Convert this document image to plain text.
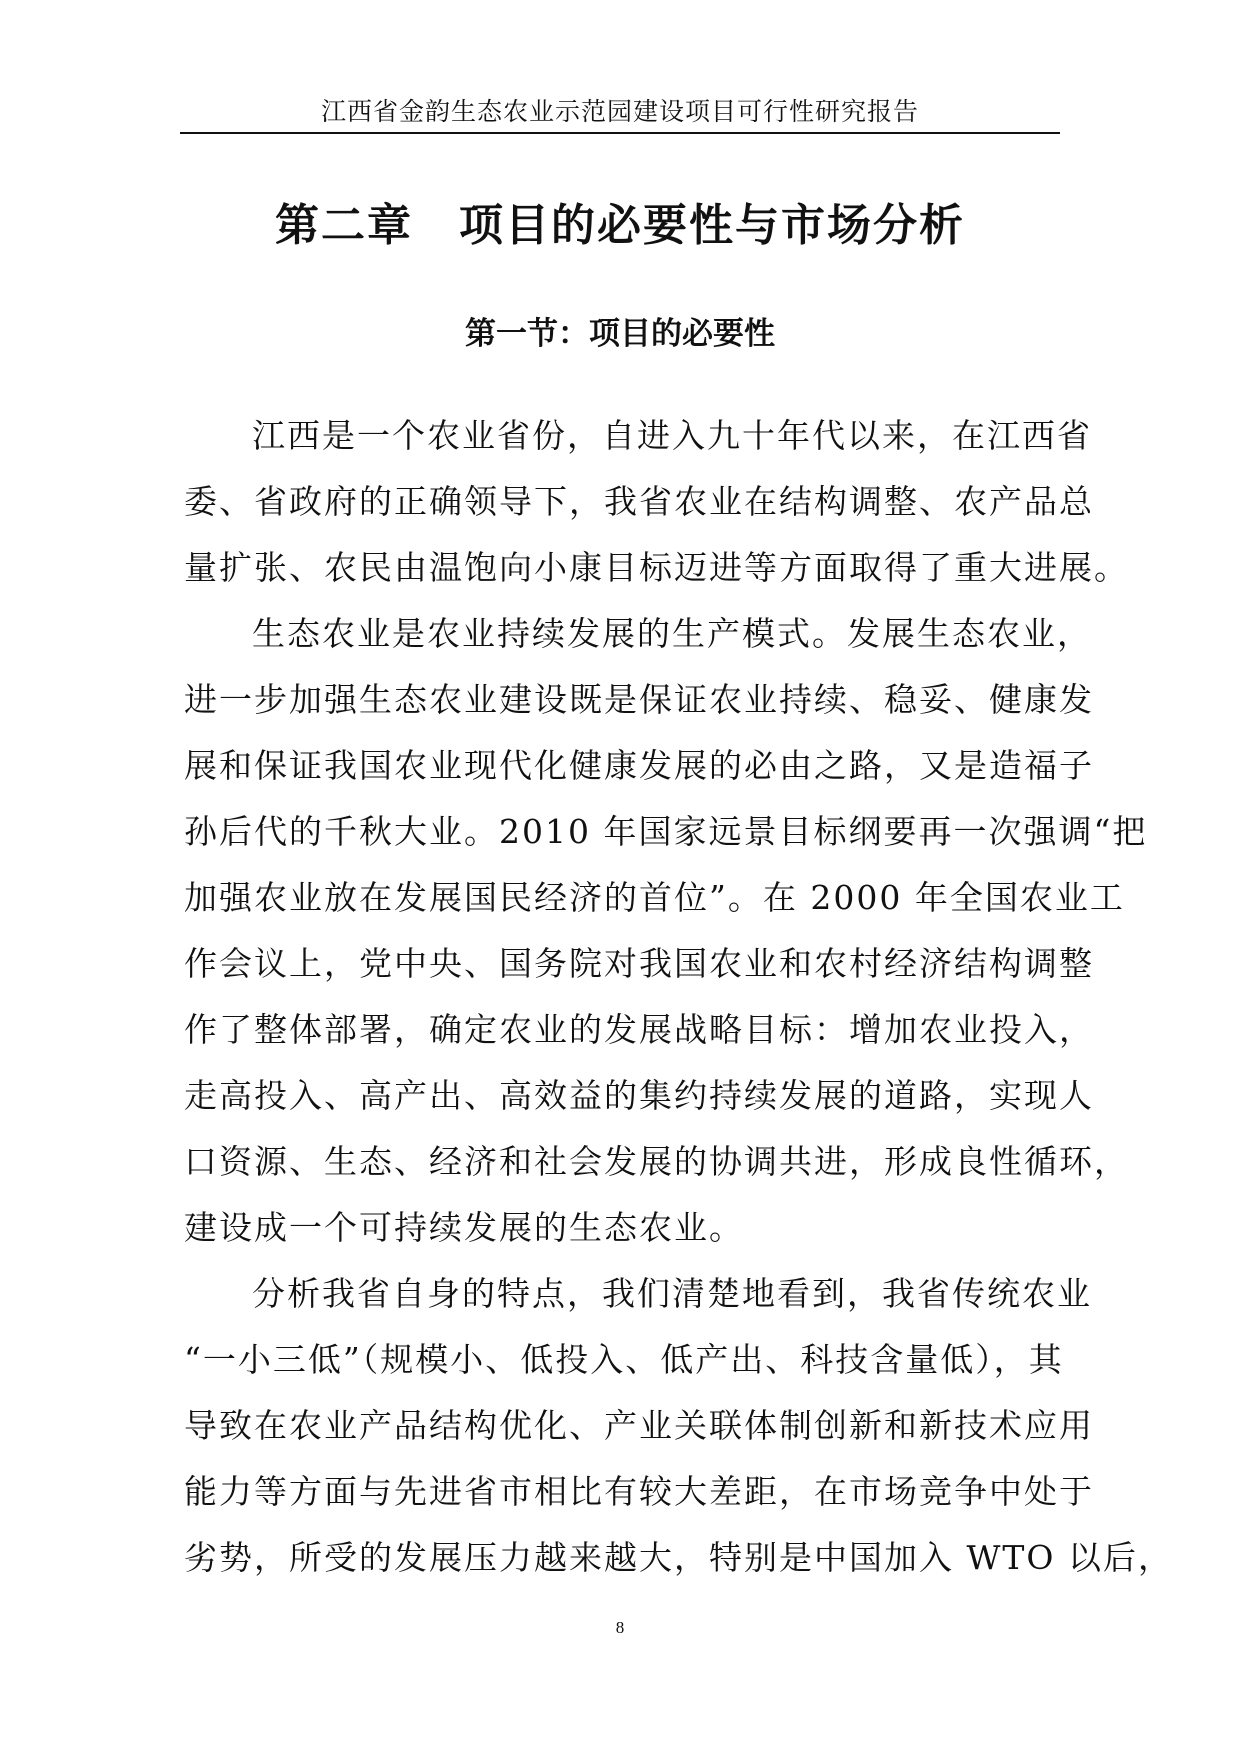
江西省金韵生态农业示范园建设项目可行性研究报告
第二章　项目的必要性与市场分析
第一节：项目的必要性
江西是一个农业省份，自进入九十年代以来，在江西省
委、省政府的正确领导下，我省农业在结构调整、农产品总
量扩张、农民由温饱向小康目标迈进等方面取得了重大进展。
生态农业是农业持续发展的生产模式。发展生态农业，
进一步加强生态农业建设既是保证农业持续、稳妥、健康发
展和保证我国农业现代化健康发展的必由之路，又是造福子
孙后代的千秋大业。2010 年国家远景目标纲要再一次强调“把
加强农业放在发展国民经济的首位”。在 2000 年全国农业工
作会议上，党中央、国务院对我国农业和农村经济结构调整
作了整体部署，确定农业的发展战略目标：增加农业投入，
走高投入、高产出、高效益的集约持续发展的道路，实现人
口资源、生态、经济和社会发展的协调共进，形成良性循环，
建设成一个可持续发展的生态农业。
分析我省自身的特点，我们清楚地看到，我省传统农业
“一小三低”（规模小、低投入、低产出、科技含量低），其
导致在农业产品结构优化、产业关联体制创新和新技术应用
能力等方面与先进省市相比有较大差距，在市场竞争中处于
劣势，所受的发展压力越来越大，特别是中国加入 WTO 以后，
8
